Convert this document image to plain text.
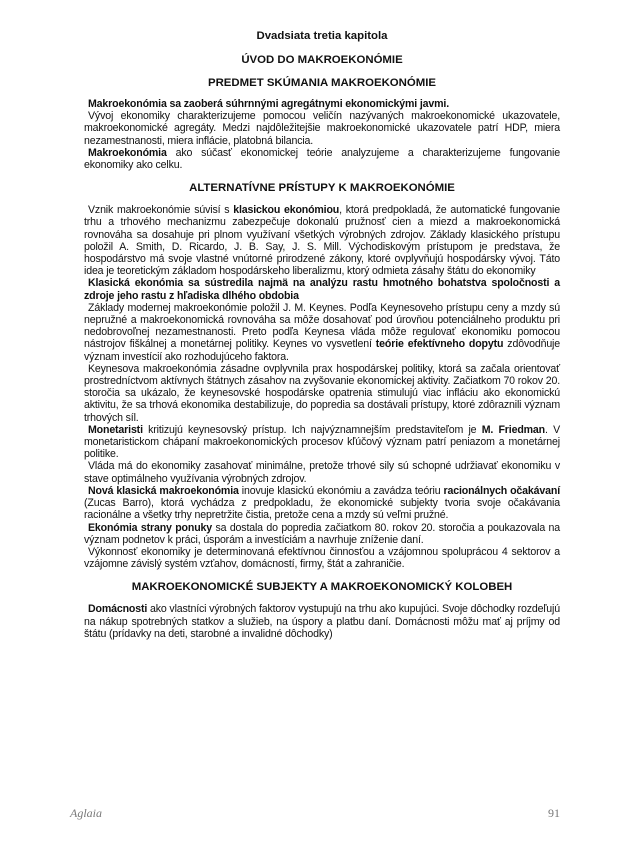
Dvadsiata tretia kapitola
ÚVOD DO MAKROEKONÓMIE
PREDMET SKÚMANIA MAKROEKONÓMIE

Makroekonómia sa zaoberá súhrnnými agregátnymi ekonomickými javmi.

Vývoj ekonomiky charakterizujeme pomocou veličín nazývaných makroekonomické ukazovatele, makroekonomické agregáty. Medzi najdôležitejšie makroekonomické ukazovatele patrí HDP, miera nezamestnanosti, miera inflácie, platobná bilancia.

Makroekonómia ako súčasť ekonomickej teórie analyzujeme a charakterizujeme fungovanie ekonomiky ako celku.

ALTERNATÍVNE PRÍSTUPY K MAKROEKONÓMIE

Vznik makroekonómie súvisí s klasickou ekonómiou, ktorá predpokladá, že automatické fungovanie trhu a trhového mechanizmu zabezpečuje dokonalú pružnosť cien a miezd a makroekonomická rovnováha sa dosahuje pri plnom využívaní všetkých výrobných zdrojov. Základy klasického prístupu položil A. Smith, D. Ricardo, J. B. Say, J. S. Mill. Východiskovým prístupom je predstava, že hospodárstvo má svoje vlastné vnútorné prirodzené zákony, ktoré ovplyvňujú hospodársky vývoj. Táto idea je teoretickým základom hospodárskeho liberalizmu, ktorý odmieta zásahy štátu do ekonomiky

Klasická ekonómia sa sústredila najmä na analýzu rastu hmotného bohatstva spoločnosti a zdroje jeho rastu z hľadiska dlhého obdobia

Základy modernej makroekonómie položil J. M. Keynes. Podľa Keynesoveho prístupu ceny a mzdy sú nepružné a makroekonomická rovnováha sa môže dosahovať pod úrovňou potenciálneho produktu pri nedobrovoľnej nezamestnanosti. Preto podľa Keynesa vláda môže regulovať ekonomiku pomocou nástrojov fiškálnej a monetárnej politiky. Keynes vo vysvetlení teórie efektívneho dopytu zdôvodňuje význam investícií ako rozhodujúceho faktora.

Keynesova makroekonómia zásadne ovplyvnila prax hospodárskej politiky, ktorá sa začala orientovať prostredníctvom aktívnych štátnych zásahov na zvyšovanie ekonomickej aktivity. Začiatkom 70 rokov 20. storočia sa ukázalo, že keynesovské hospodárske opatrenia stimulujú viac infláciu ako ekonomickú aktivitu, že sa trhová ekonomika destabilizuje, do popredia sa dostávali prístupy, ktoré zdôraznili význam trhových síl.

Monetaristi kritizujú keynesovský prístup. Ich najvýznamnejším predstaviteľom je M. Friedman. V monetaristickom chápaní makroekonomických procesov kľúčový význam patrí peniazom a monetárnej politike.

Vláda má do ekonomiky zasahovať minimálne, pretože trhové sily sú schopné udržiavať ekonomiku v stave optimálneho využívania výrobných zdrojov.

Nová klasická makroekonómia inovuje klasickú ekonómiu a zavádza teóriu racionálnych očakávaní (Zucas Barro), ktorá vychádza z predpokladu, že ekonomické subjekty tvoria svoje očakávania racionálne a všetky trhy nepretržite čistia, pretože cena a mzdy sú veľmi pružné.

Ekonómia strany ponuky sa dostala do popredia začiatkom 80. rokov 20. storočia a poukazovala na význam podnetov k práci, úsporám a investíciám a navrhuje zníženie daní.

Výkonnosť ekonomiky je determinovaná efektívnou činnosťou a vzájomnou spoluprácou 4 sektorov a vzájomne závislý systém vzťahov, domácností, firmy, štát a zahraničie.

MAKROEKONOMICKÉ SUBJEKTY A MAKROEKONOMICKÝ KOLOBEH

Domácnosti ako vlastníci výrobných faktorov vystupujú na trhu ako kupujúci. Svoje dôchodky rozdeľujú na nákup spotrebných statkov a služieb, na úspory a platbu daní. Domácnosti môžu mať aj príjmy od štátu (prídavky na deti, starobné a invalidné dôchodky)

Aglaia	91
